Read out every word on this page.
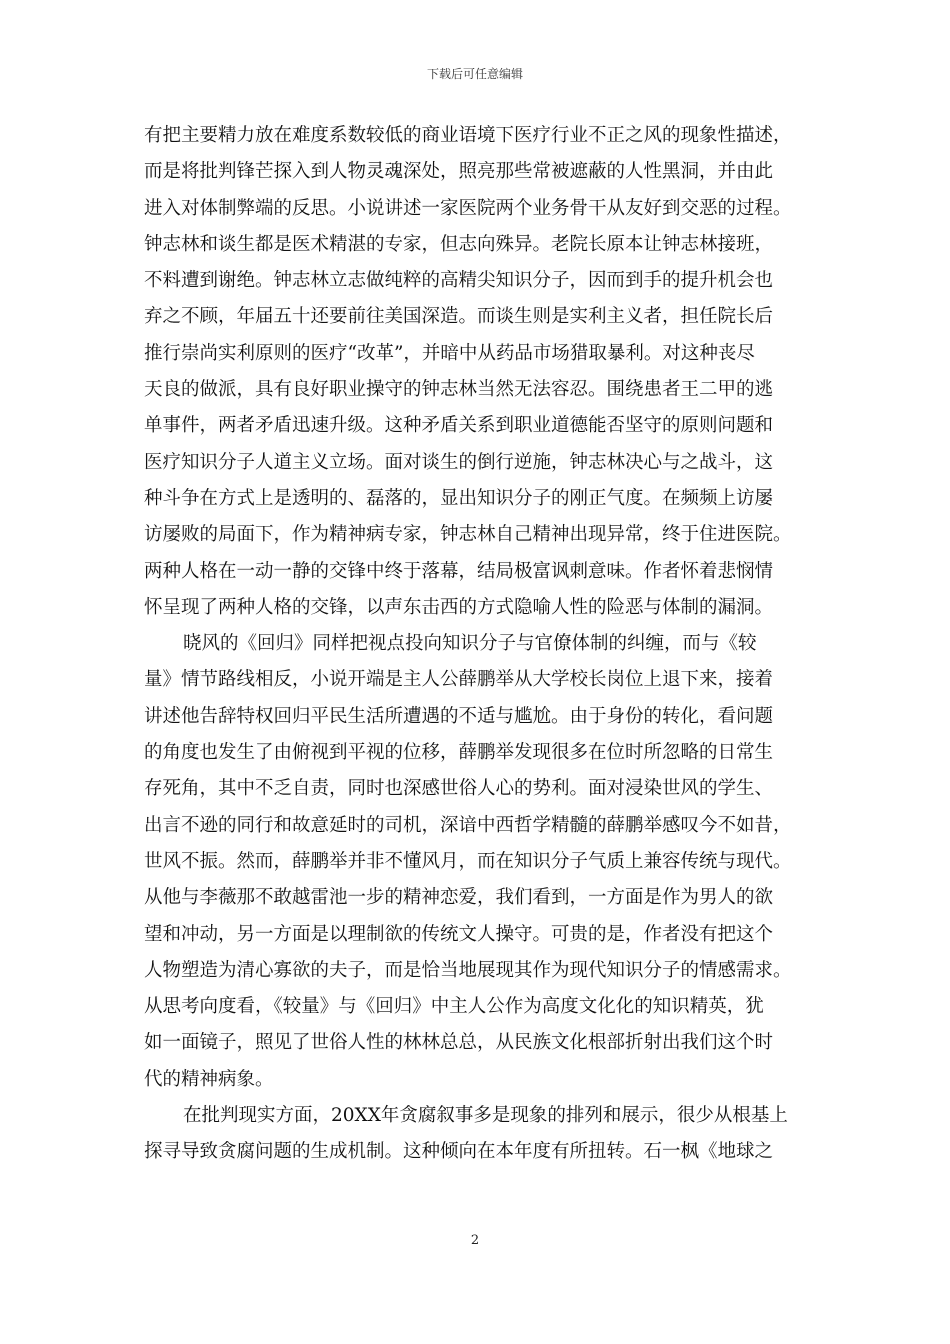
下载后可任意编辑
有把主要精力放在难度系数较低的商业语境下医疗行业不正之风的现象性描述，
而是将批判锋芒探入到人物灵魂深处，照亮那些常被遮蔽的人性黑洞，并由此
进入对体制弊端的反思。小说讲述一家医院两个业务骨干从友好到交恶的过程。
钟志林和谈生都是医术精湛的专家，但志向殊异。老院长原本让钟志林接班，
不料遭到谢绝。钟志林立志做纯粹的高精尖知识分子，因而到手的提升机会也
弃之不顾，年届五十还要前往美国深造。而谈生则是实利主义者，担任院长后
推行崇尚实利原则的医疗“改革”，并暗中从药品市场猎取暴利。对这种丧尽
天良的做派，具有良好职业操守的钟志林当然无法容忍。围绕患者王二甲的逃
单事件，两者矛盾迅速升级。这种矛盾关系到职业道德能否坚守的原则问题和
医疗知识分子人道主义立场。面对谈生的倒行逆施，钟志林决心与之战斗，这
种斗争在方式上是透明的、磊落的，显出知识分子的刚正气度。在频频上访屡
访屡败的局面下，作为精神病专家，钟志林自己精神出现异常，终于住进医院。
两种人格在一动一静的交锋中终于落幕，结局极富讽刺意味。作者怀着悲悯情
怀呈现了两种人格的交锋，以声东击西的方式隐喻人性的险恶与体制的漏洞。
晓风的《回归》同样把视点投向知识分子与官僚体制的纠缠，而与《较
量》情节路线相反，小说开端是主人公薛鹏举从大学校长岗位上退下来，接着
讲述他告辞特权回归平民生活所遭遇的不适与尴尬。由于身份的转化，看问题
的角度也发生了由俯视到平视的位移，薛鹏举发现很多在位时所忽略的日常生
存死角，其中不乏自责，同时也深感世俗人心的势利。面对浸染世风的学生、
出言不逊的同行和故意延时的司机，深谙中西哲学精髓的薛鹏举感叹今不如昔，
世风不振。然而，薛鹏举并非不懂风月，而在知识分子气质上兼容传统与现代。
从他与李薇那不敢越雷池一步的精神恋爱，我们看到，一方面是作为男人的欲
望和冲动，另一方面是以理制欲的传统文人操守。可贵的是，作者没有把这个
人物塑造为清心寡欲的夫子，而是恰当地展现其作为现代知识分子的情感需求。
从思考向度看，《较量》与《回归》中主人公作为高度文化化的知识精英，犹
如一面镜子，照见了世俗人性的林林总总，从民族文化根部折射出我们这个时
代的精神病象。
在批判现实方面，20XX年贪腐叙事多是现象的排列和展示，很少从根基上
探寻导致贪腐问题的生成机制。这种倾向在本年度有所扭转。石一枫《地球之
2
